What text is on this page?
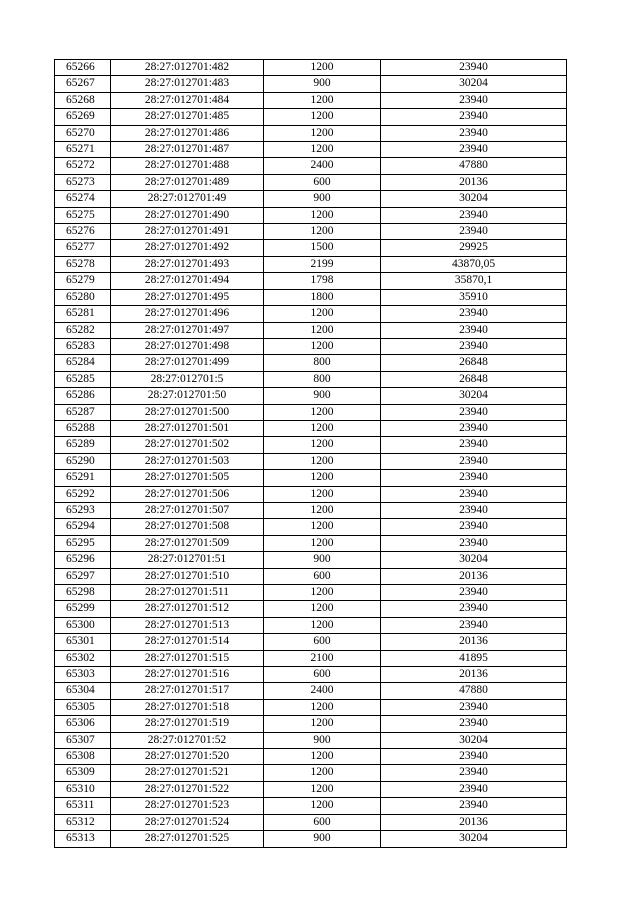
65266	28:27:012701:482	1200	23940
65267	28:27:012701:483	900	30204
65268	28:27:012701:484	1200	23940
65269	28:27:012701:485	1200	23940
65270	28:27:012701:486	1200	23940
65271	28:27:012701:487	1200	23940
65272	28:27:012701:488	2400	47880
65273	28:27:012701:489	600	20136
65274	28:27:012701:49	900	30204
65275	28:27:012701:490	1200	23940
65276	28:27:012701:491	1200	23940
65277	28:27:012701:492	1500	29925
65278	28:27:012701:493	2199	43870,05
65279	28:27:012701:494	1798	35870,1
65280	28:27:012701:495	1800	35910
65281	28:27:012701:496	1200	23940
65282	28:27:012701:497	1200	23940
65283	28:27:012701:498	1200	23940
65284	28:27:012701:499	800	26848
65285	28:27:012701:5	800	26848
65286	28:27:012701:50	900	30204
65287	28:27:012701:500	1200	23940
65288	28:27:012701:501	1200	23940
65289	28:27:012701:502	1200	23940
65290	28:27:012701:503	1200	23940
65291	28:27:012701:505	1200	23940
65292	28:27:012701:506	1200	23940
65293	28:27:012701:507	1200	23940
65294	28:27:012701:508	1200	23940
65295	28:27:012701:509	1200	23940
65296	28:27:012701:51	900	30204
65297	28:27:012701:510	600	20136
65298	28:27:012701:511	1200	23940
65299	28:27:012701:512	1200	23940
65300	28:27:012701:513	1200	23940
65301	28:27:012701:514	600	20136
65302	28:27:012701:515	2100	41895
65303	28:27:012701:516	600	20136
65304	28:27:012701:517	2400	47880
65305	28:27:012701:518	1200	23940
65306	28:27:012701:519	1200	23940
65307	28:27:012701:52	900	30204
65308	28:27:012701:520	1200	23940
65309	28:27:012701:521	1200	23940
65310	28:27:012701:522	1200	23940
65311	28:27:012701:523	1200	23940
65312	28:27:012701:524	600	20136
65313	28:27:012701:525	900	30204
